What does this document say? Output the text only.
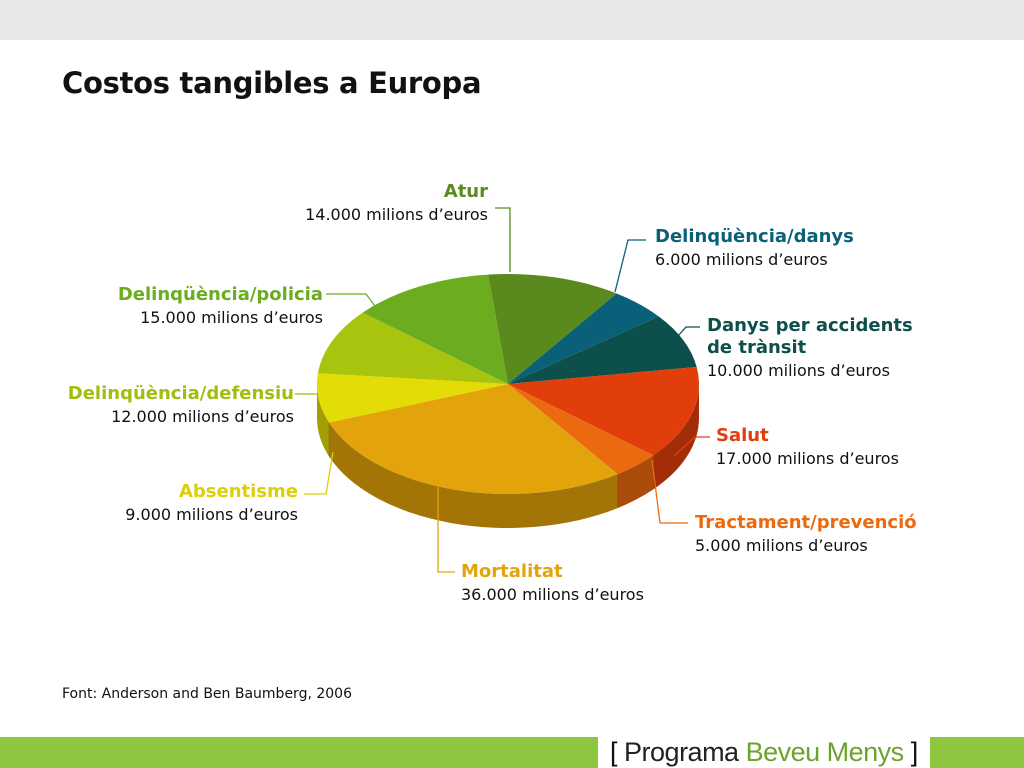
Costos tangibles a Europa
Atur
14.000 milions d’euros
Delinqüència/danys
6.000 milions d’euros
Danys per accidents de trànsit
10.000 milions d’euros
Salut
17.000 milions d’euros
Tractament/prevenció
5.000 milions d’euros
Mortalitat
36.000 milions d’euros
Absentisme
9.000 milions d’euros
Delinqüència/defensiu
12.000 milions d’euros
Delinqüència/policia
15.000 milions d’euros
Font: Anderson and Ben Baumberg, 2006
[ Programa Beveu Menys ]
